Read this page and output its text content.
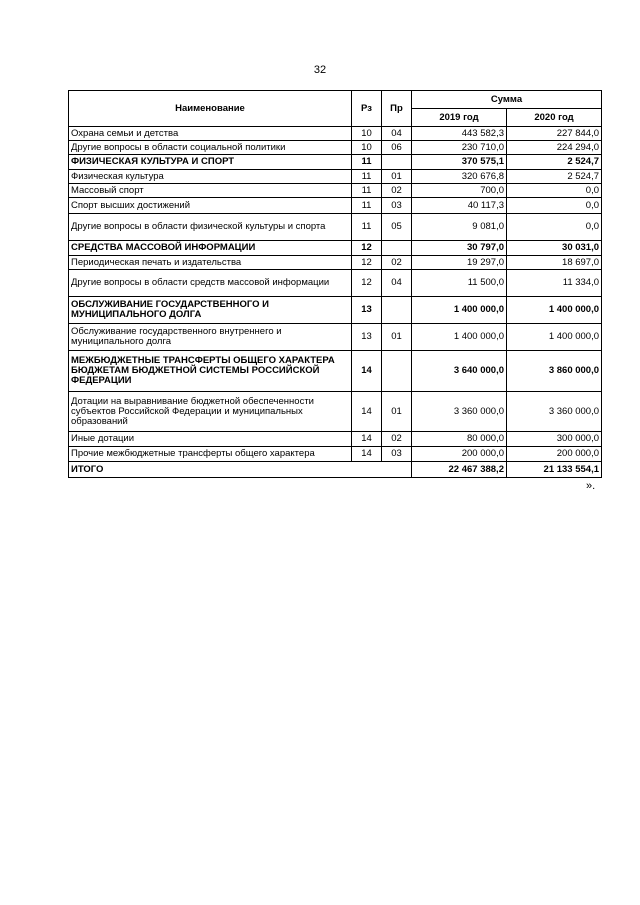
32
Наименование	Рз	Пр	Сумма	
			2019 год	2020 год
Охрана семьи и детства	10	04	443 582,3	227 844,0
Другие вопросы в области социальной политики	10	06	230 710,0	224 294,0
ФИЗИЧЕСКАЯ КУЛЬТУРА И СПОРТ	11		370 575,1	2 524,7
Физическая культура	11	01	320 676,8	2 524,7
Массовый спорт	11	02	700,0	0,0
Спорт высших достижений	11	03	40 117,3	0,0
Другие вопросы в области физической культуры и спорта	11	05	9 081,0	0,0
СРЕДСТВА МАССОВОЙ ИНФОРМАЦИИ	12		30 797,0	30 031,0
Периодическая печать и издательства	12	02	19 297,0	18 697,0
Другие вопросы в области средств массовой информации	12	04	11 500,0	11 334,0
ОБСЛУЖИВАНИЕ ГОСУДАРСТВЕННОГО И МУНИЦИПАЛЬНОГО ДОЛГА	13		1 400 000,0	1 400 000,0
Обслуживание государственного внутреннего и муниципального долга	13	01	1 400 000,0	1 400 000,0
МЕЖБЮДЖЕТНЫЕ ТРАНСФЕРТЫ ОБЩЕГО ХАРАКТЕРА БЮДЖЕТАМ БЮДЖЕТНОЙ СИСТЕМЫ РОССИЙСКОЙ ФЕДЕРАЦИИ	14		3 640 000,0	3 860 000,0
Дотации на выравнивание бюджетной обеспеченности субъектов Российской Федерации и муниципальных образований	14	01	3 360 000,0	3 360 000,0
Иные дотации	14	02	80 000,0	300 000,0
Прочие межбюджетные трансферты общего характера	14	03	200 000,0	200 000,0
ИТОГО			22 467 388,2	21 133 554,1
».
